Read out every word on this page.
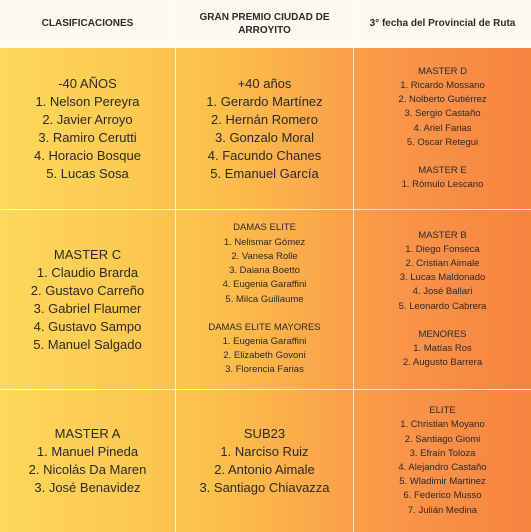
CLASIFICACIONES
GRAN PREMIO CIUDAD DE ARROYITO
3° fecha del Provincial de Ruta
-40 AÑOS
1. Nelson Pereyra
2. Javier Arroyo
3. Ramiro Cerutti
4. Horacio Bosque
5. Lucas Sosa
+40 años
1. Gerardo Martínez
2. Hernán Romero
3. Gonzalo Moral
4. Facundo Chanes
5. Emanuel García
MASTER D
1. Ricardo Mossano
2. Nolberto Gutiérrez
3. Sergio Castaño
4. Ariel Farias
5. Oscar Retegui
MASTER E
1. Rómulo Lescano
MASTER C
1. Claudio Brarda
2. Gustavo Carreño
3. Gabriel Flaumer
4. Gustavo Sampo
5. Manuel Salgado
DAMAS ELITE
1. Nelismar Gómez
2. Vanesa Rolle
3. Daiana Boetto
4. Eugenia Garaffini
5. Milca Guillaume
DAMAS ELITE MAYORES
1. Eugenia Garaffini
2. Elizabeth Govoni
3. Florencia Farias
MASTER B
1. Diego Fonseca
2. Cristian Aimale
3. Lucas Maldonado
4. José Ballari
5. Leonardo Cabrera
MENORES
1. Matías Ros
2. Augusto Barrera
MASTER A
1. Manuel Pineda
2. Nicolás Da Maren
3. José Benavidez
SUB23
1. Narciso Ruiz
2. Antonio Aimale
3. Santiago Chiavazza
ELITE
1. Christian Moyano
2. Santiago Giomi
3. Efraín Toloza
4. Alejandro Castaño
5. Wladimir Martinez
6. Federico Musso
7. Julián Medina
